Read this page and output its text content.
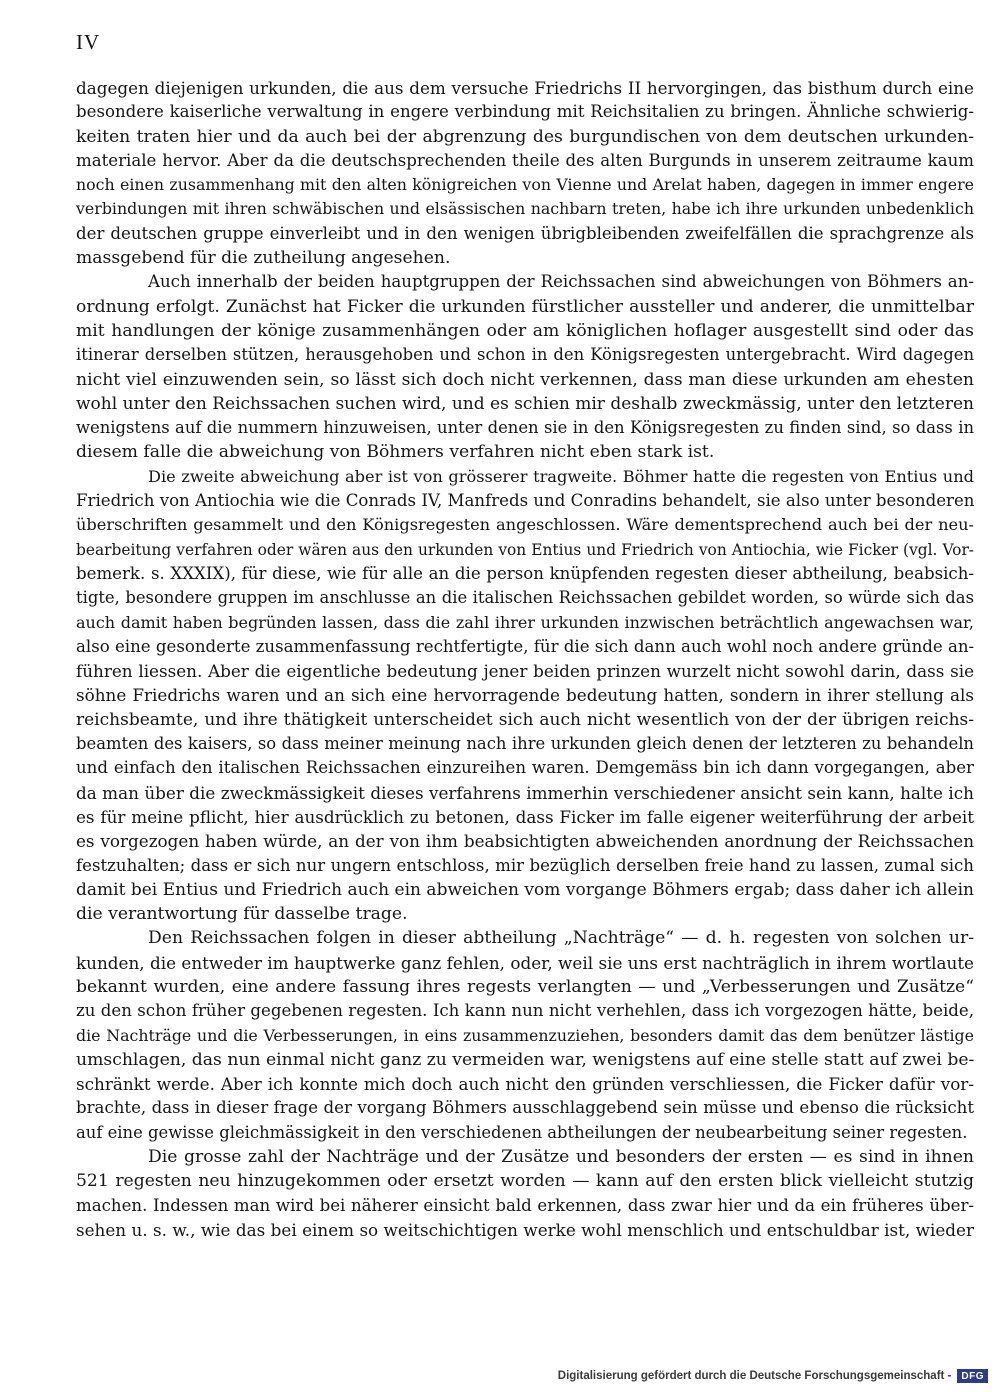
IV
dagegen diejenigen urkunden, die aus dem versuche Friedrichs II hervorgingen, das bisthum durch eine
besondere kaiserliche verwaltung in engere verbindung mit Reichsitalien zu bringen. Ähnliche schwierig-
keiten traten hier und da auch bei der abgrenzung des burgundischen von dem deutschen urkunden-
materiale hervor. Aber da die deutschsprechenden theile des alten Burgunds in unserem zeitraume kaum
noch einen zusammenhang mit den alten königreichen von Vienne und Arelat haben, dagegen in immer engere
verbindungen mit ihren schwäbischen und elsässischen nachbarn treten, habe ich ihre urkunden unbedenklich
der deutschen gruppe einverleibt und in den wenigen übrigbleibenden zweifelfällen die sprachgrenze als
massgebend für die zutheilung angesehen.
Auch innerhalb der beiden hauptgruppen der Reichssachen sind abweichungen von Böhmers an-
ordnung erfolgt. Zunächst hat Ficker die urkunden fürstlicher aussteller und anderer, die unmittelbar
mit handlungen der könige zusammenhängen oder am königlichen hoflager ausgestellt sind oder das
itinerar derselben stützen, herausgehoben und schon in den Königsregesten untergebracht. Wird dagegen
nicht viel einzuwenden sein, so lässt sich doch nicht verkennen, dass man diese urkunden am ehesten
wohl unter den Reichssachen suchen wird, und es schien mir deshalb zweckmässig, unter den letzteren
wenigstens auf die nummern hinzuweisen, unter denen sie in den Königsregesten zu finden sind, so dass in
diesem falle die abweichung von Böhmers verfahren nicht eben stark ist.
Die zweite abweichung aber ist von grösserer tragweite. Böhmer hatte die regesten von Entius und
Friedrich von Antiochia wie die Conrads IV, Manfreds und Conradins behandelt, sie also unter besonderen
überschriften gesammelt und den Königsregesten angeschlossen. Wäre dementsprechend auch bei der neu-
bearbeitung verfahren oder wären aus den urkunden von Entius und Friedrich von Antiochia, wie Ficker (vgl. Vor-
bemerk. s. XXXIX), für diese, wie für alle an die person knüpfenden regesten dieser abtheilung, beabsich-
tigte, besondere gruppen im anschlusse an die italischen Reichssachen gebildet worden, so würde sich das
auch damit haben begründen lassen, dass die zahl ihrer urkunden inzwischen beträchtlich angewachsen war,
also eine gesonderte zusammenfassung rechtfertigte, für die sich dann auch wohl noch andere gründe an-
führen liessen. Aber die eigentliche bedeutung jener beiden prinzen wurzelt nicht sowohl darin, dass sie
söhne Friedrichs waren und an sich eine hervorragende bedeutung hatten, sondern in ihrer stellung als
reichsbeamte, und ihre thätigkeit unterscheidet sich auch nicht wesentlich von der der übrigen reichs-
beamten des kaisers, so dass meiner meinung nach ihre urkunden gleich denen der letzteren zu behandeln
und einfach den italischen Reichssachen einzureihen waren. Demgemäss bin ich dann vorgegangen, aber
da man über die zweckmässigkeit dieses verfahrens immerhin verschiedener ansicht sein kann, halte ich
es für meine pflicht, hier ausdrücklich zu betonen, dass Ficker im falle eigener weiterführung der arbeit
es vorgezogen haben würde, an der von ihm beabsichtigten abweichenden anordnung der Reichssachen
festzuhalten; dass er sich nur ungern entschloss, mir bezüglich derselben freie hand zu lassen, zumal sich
damit bei Entius und Friedrich auch ein abweichen vom vorgange Böhmers ergab; dass daher ich allein
die verantwortung für dasselbe trage.
Den Reichssachen folgen in dieser abtheilung „Nachträge“ — d. h. regesten von solchen ur-
kunden, die entweder im hauptwerke ganz fehlen, oder, weil sie uns erst nachträglich in ihrem wortlaute
bekannt wurden, eine andere fassung ihres regests verlangten — und „Verbesserungen und Zusätze“
zu den schon früher gegebenen regesten. Ich kann nun nicht verhehlen, dass ich vorgezogen hätte, beide,
die Nachträge und die Verbesserungen, in eins zusammenzuziehen, besonders damit das dem benützer lästige
umschlagen, das nun einmal nicht ganz zu vermeiden war, wenigstens auf eine stelle statt auf zwei be-
schränkt werde. Aber ich konnte mich doch auch nicht den gründen verschliessen, die Ficker dafür vor-
brachte, dass in dieser frage der vorgang Böhmers ausschlaggebend sein müsse und ebenso die rücksicht
auf eine gewisse gleichmässigkeit in den verschiedenen abtheilungen der neubearbeitung seiner regesten.
Die grosse zahl der Nachträge und der Zusätze und besonders der ersten — es sind in ihnen
521 regesten neu hinzugekommen oder ersetzt worden — kann auf den ersten blick vielleicht stutzig
machen. Indessen man wird bei näherer einsicht bald erkennen, dass zwar hier und da ein früheres über-
sehen u. s. w., wie das bei einem so weitschichtigen werke wohl menschlich und entschuldbar ist, wieder
Digitalisierung gefördert durch die Deutsche Forschungsgemeinschaft -	DFG
